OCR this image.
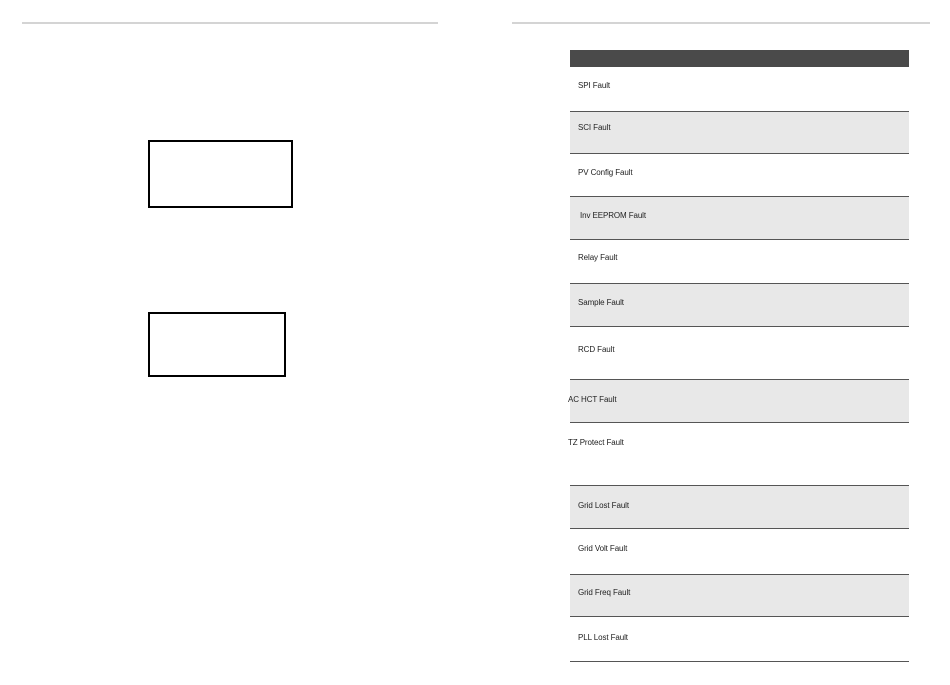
SPI Fault
SCI Fault
PV Config Fault
Inv EEPROM Fault
Relay Fault
Sample Fault
RCD Fault
AC HCT Fault
TZ Protect Fault
Grid Lost Fault
Grid Volt Fault
Grid Freq Fault
PLL Lost Fault
